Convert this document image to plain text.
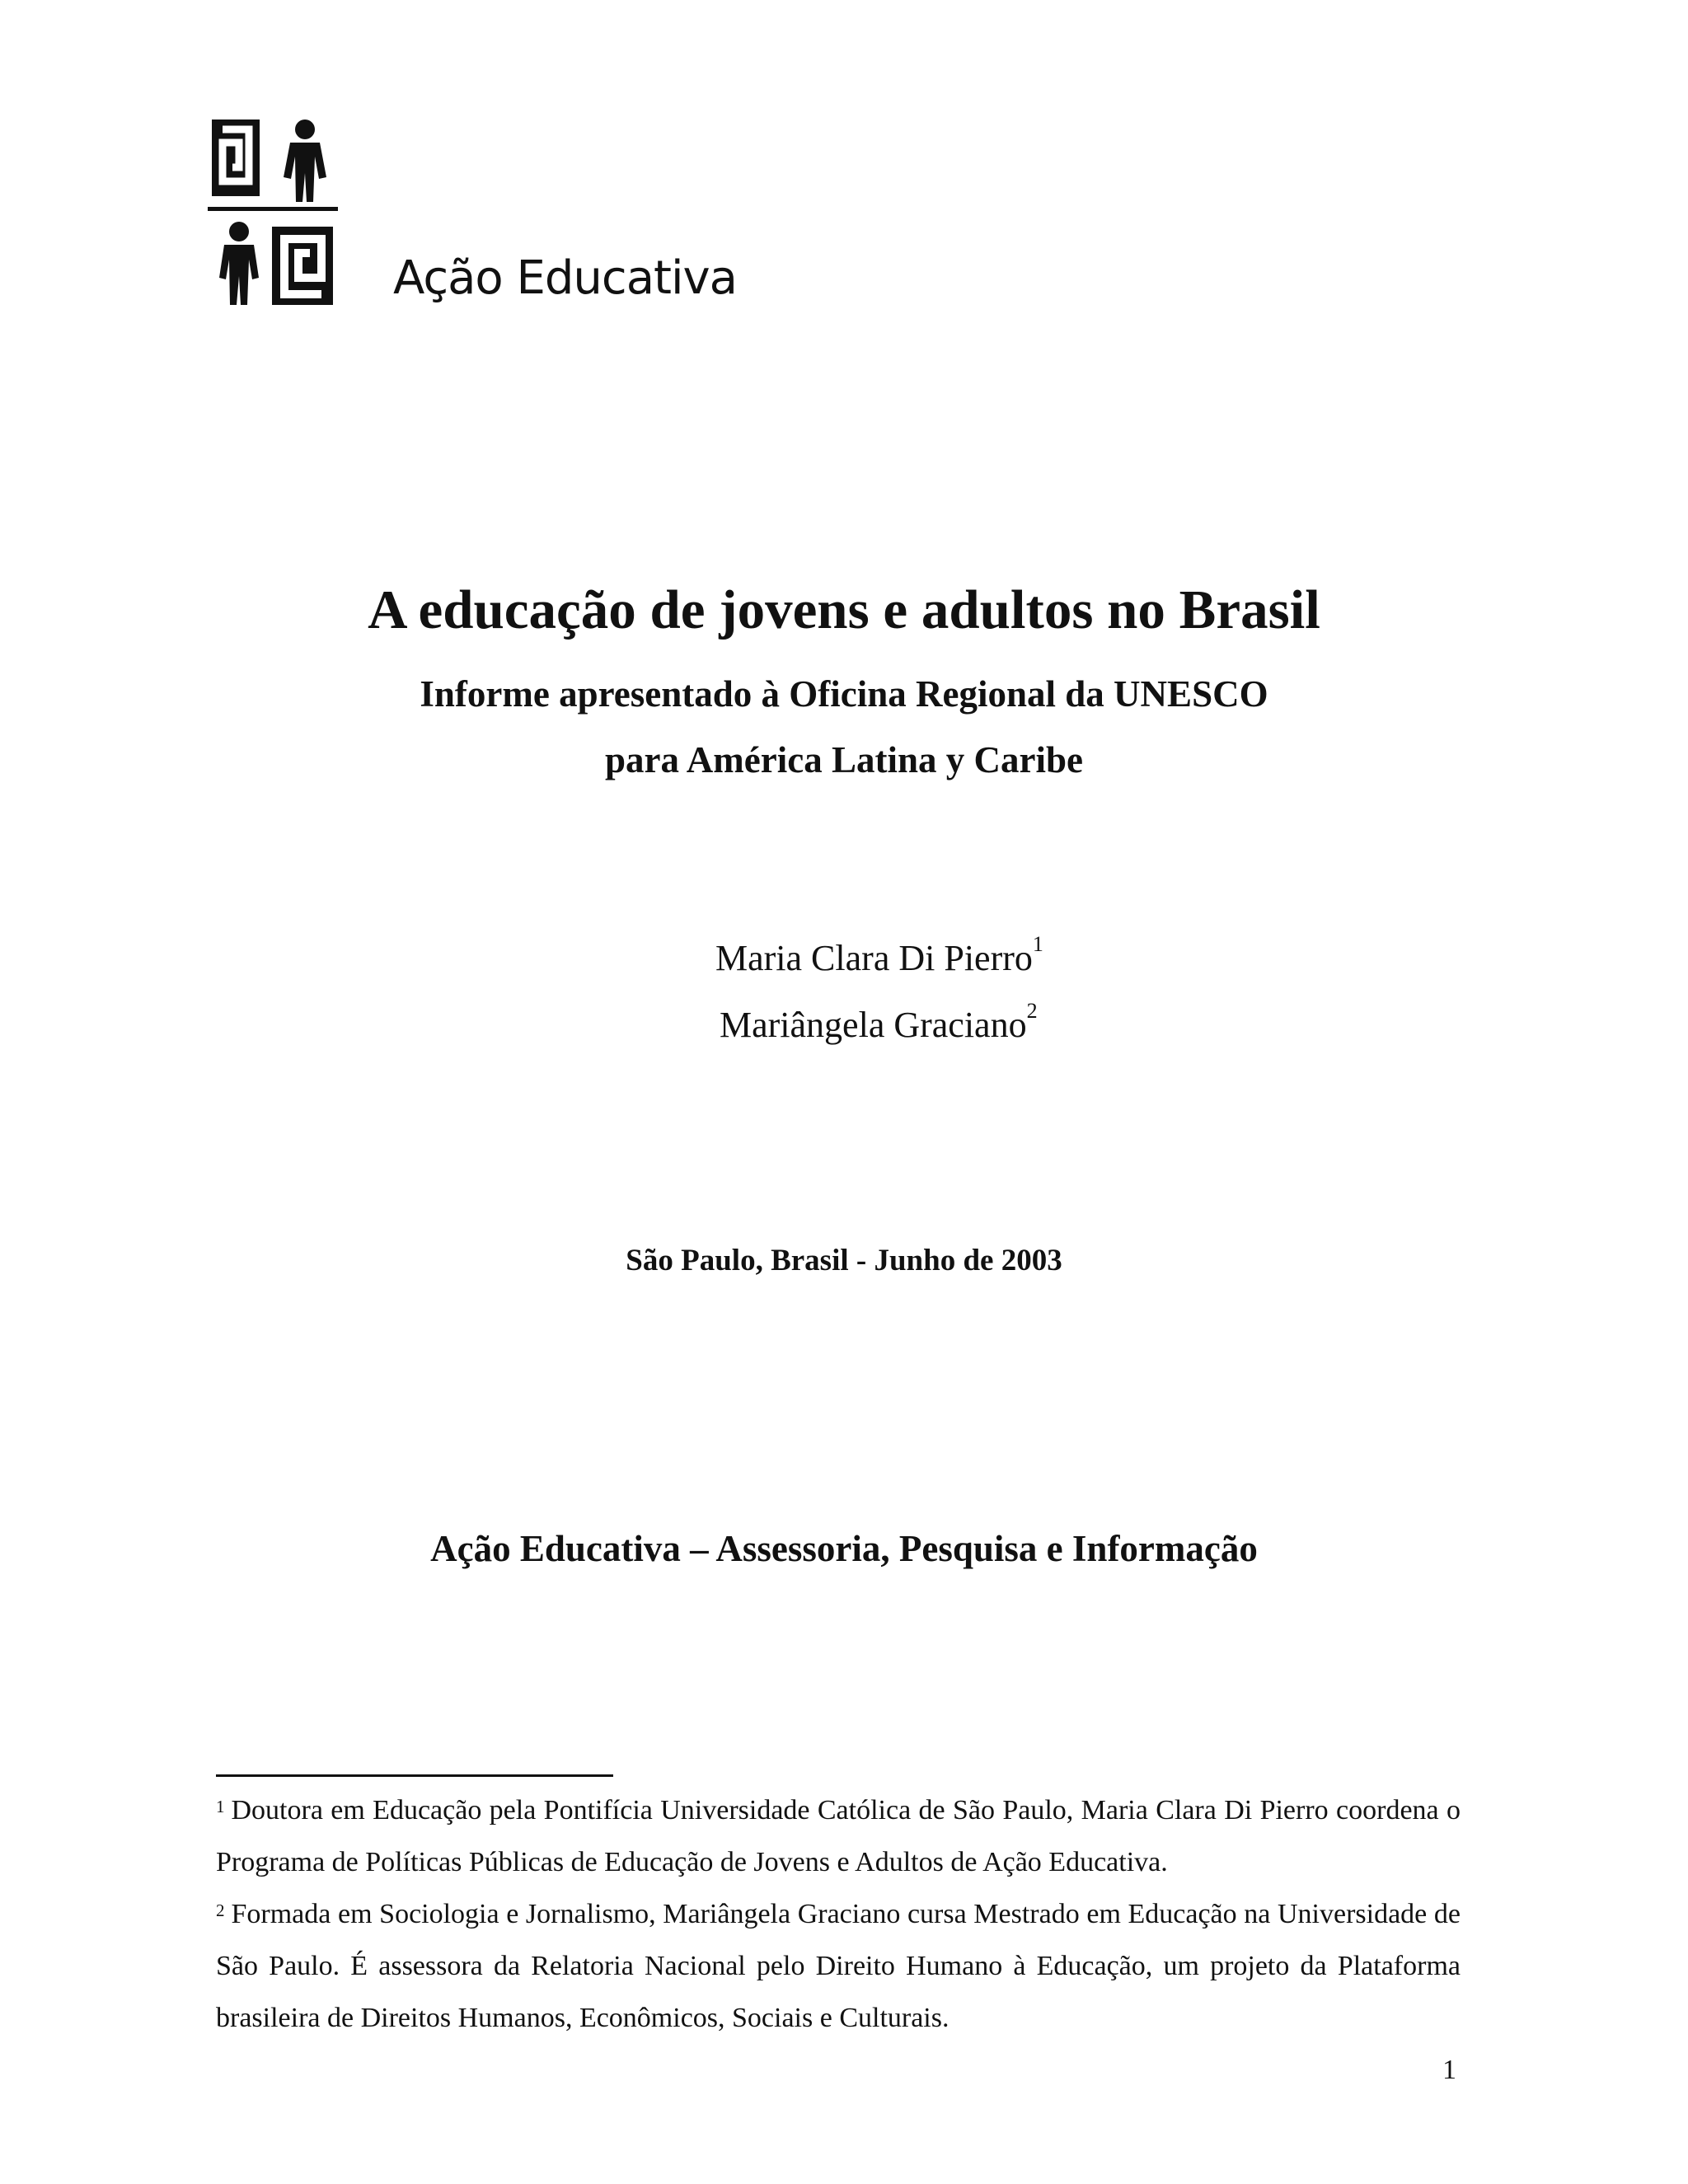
Ação Educativa
A educação de jovens e adultos no Brasil
Informe apresentado à Oficina Regional da UNESCO
para América Latina y Caribe
Maria Clara Di Pierro$^1$
Mariângela Graciano$^2$
São Paulo, Brasil - Junho de 2003
Ação Educativa – Assessoria, Pesquisa e Informação

$^1$ Doutora em Educação pela Pontifícia Universidade Católica de São Paulo, Maria Clara Di Pierro coordena o Programa de Políticas Públicas de Educação de Jovens e Adultos de Ação Educativa.

$^2$ Formada em Sociologia e Jornalismo, Mariângela Graciano cursa Mestrado em Educação na Universidade de São Paulo. É assessora da Relatoria Nacional pelo Direito Humano à Educação, um projeto da Plataforma brasileira de Direitos Humanos, Econômicos, Sociais e Culturais.

1
